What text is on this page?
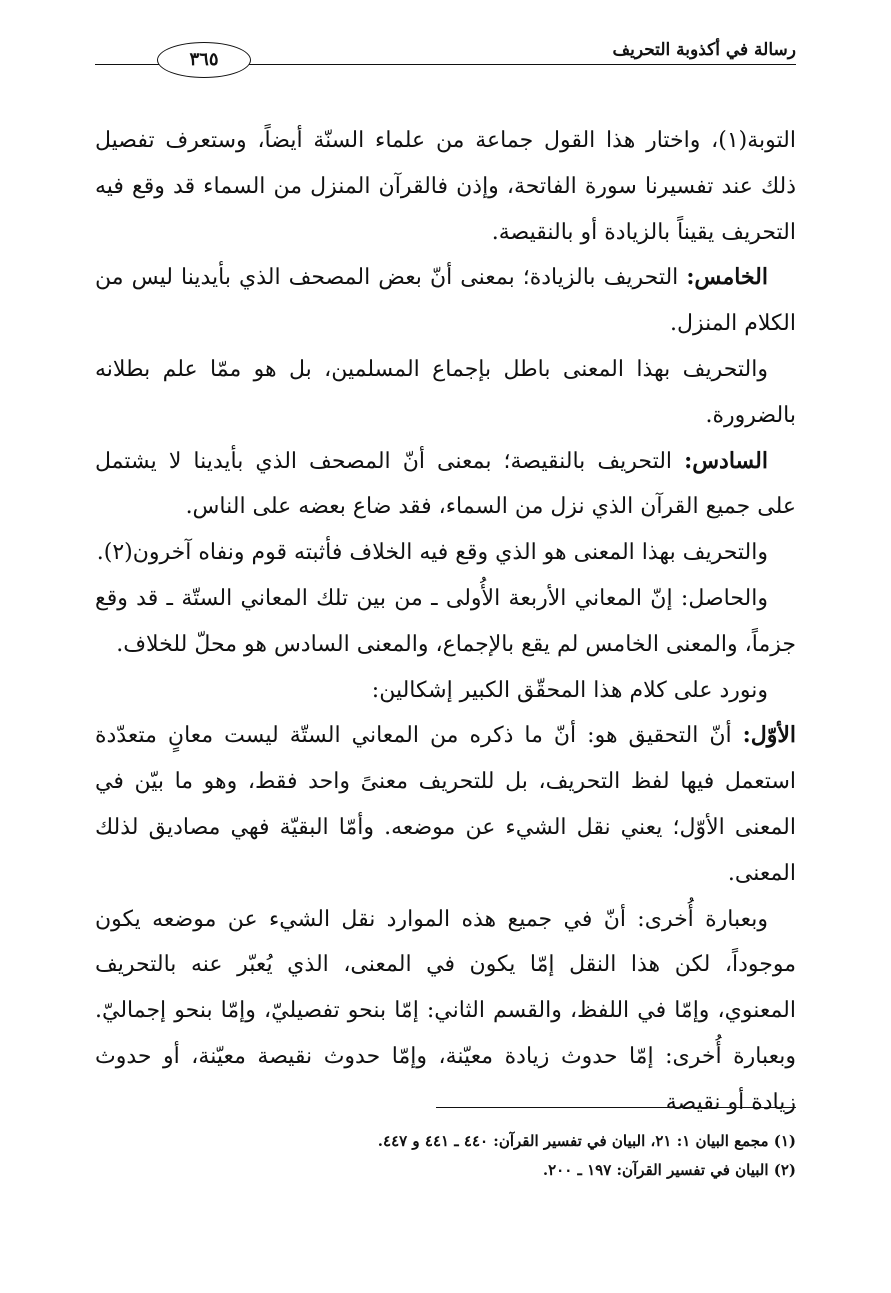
رسالة في أكذوبة التحريف
٣٦٥

التوبة(١)، واختار هذا القول جماعة من علماء السنّة أيضاً، وستعرف تفصيل ذلك عند تفسيرنا سورة الفاتحة، وإذن فالقرآن المنزل من السماء قد وقع فيه التحريف يقيناً بالزيادة أو بالنقيصة.

الخامس: التحريف بالزيادة؛ بمعنى أنّ بعض المصحف الذي بأيدينا ليس من الكلام المنزل.

والتحريف بهذا المعنى باطل بإجماع المسلمين، بل هو ممّا علم بطلانه بالضرورة.

السادس: التحريف بالنقيصة؛ بمعنى أنّ المصحف الذي بأيدينا لا يشتمل على جميع القرآن الذي نزل من السماء، فقد ضاع بعضه على الناس.

والتحريف بهذا المعنى هو الذي وقع فيه الخلاف فأثبته قوم ونفاه آخرون(٢).

والحاصل: إنّ المعاني الأربعة الأُولى ـ من بين تلك المعاني الستّة ـ قد وقع جزماً، والمعنى الخامس لم يقع بالإجماع، والمعنى السادس هو محلّ للخلاف.

ونورد على كلام هذا المحقّق الكبير إشكالين:

الأوّل: أنّ التحقيق هو: أنّ ما ذكره من المعاني الستّة ليست معانٍ متعدّدة استعمل فيها لفظ التحريف، بل للتحريف معنىً واحد فقط، وهو ما بيّن في المعنى الأوّل؛ يعني نقل الشيء عن موضعه. وأمّا البقيّة فهي مصاديق لذلك المعنى.

وبعبارة أُخرى: أنّ في جميع هذه الموارد نقل الشيء عن موضعه يكون موجوداً، لكن هذا النقل إمّا يكون في المعنى، الذي يُعبّر عنه بالتحريف المعنوي، وإمّا في اللفظ، والقسم الثاني: إمّا بنحو تفصيليّ، وإمّا بنحو إجماليّ. وبعبارة أُخرى: إمّا حدوث زيادة معيّنة، وإمّا حدوث نقيصة معيّنة، أو حدوث زيادة أو نقيصة

(١) مجمع البيان ١: ٢١، البيان في تفسير القرآن: ٤٤٠ ـ ٤٤١ و ٤٤٧.

(٢) البيان في تفسير القرآن: ١٩٧ ـ ٢٠٠.
